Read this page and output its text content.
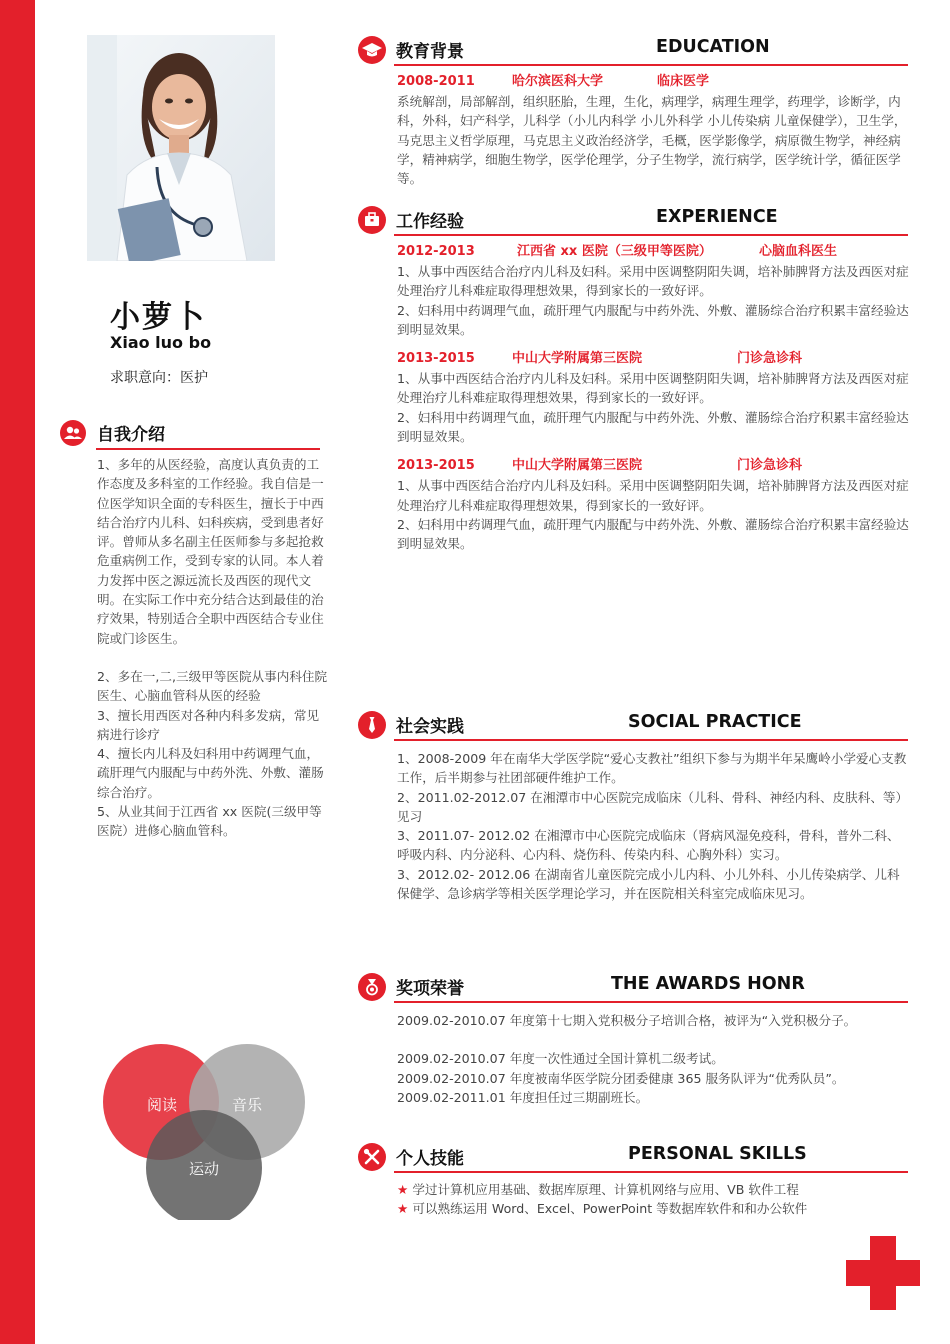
小萝卜
Xiao luo bo
求职意向：医护
自我介绍

1、多年的从医经验，高度认真负责的工作态度及多科室的工作经验。我自信是一位医学知识全面的专科医生，擅长于中西结合治疗内儿科、妇科疾病，受到患者好评。曾师从多名副主任医师参与多起抢救危重病例工作，受到专家的认同。本人着力发挥中医之源远流长及西医的现代文明。在实际工作中充分结合达到最佳的治疗效果，特别适合全职中西医结合专业住院或门诊医生。

2、多在一,二,三级甲等医院从事内科住院医生、心脑血管科从医的经验

3、擅长用西医对各种内科多发病，常见病进行诊疗

4、擅长内儿科及妇科用中药调理气血，疏肝理气内服配与中药外洗、外敷、灌肠综合治疗。

5、从业其间于江西省 xx 医院(三级甲等医院）进修心脑血管科。

阅读	音乐
运动
教育背景	EDUCATION
2008-2011	哈尔滨医科大学	临床医学

系统解剖，局部解剖，组织胚胎，生理，生化，病理学，病理生理学，药理学，诊断学，内科，外科，妇产科学，儿科学（小儿内科学 小儿外科学 小儿传染病 儿童保健学），卫生学，马克思主义哲学原理，马克思主义政治经济学，毛概，医学影像学，病原微生物学，神经病学，精神病学，细胞生物学，医学伦理学，分子生物学，流行病学，医学统计学，循征医学等。

工作经验	EXPERIENCE
2012-2013	江西省 xx 医院（三级甲等医院）	心脑血科医生

1、从事中西医结合治疗内儿科及妇科。采用中医调整阴阳失调，培补肺脾肾方法及西医对症处理治疗儿科难症取得理想效果，得到家长的一致好评。

2、妇科用中药调理气血，疏肝理气内服配与中药外洗、外敷、灌肠综合治疗积累丰富经验达到明显效果。

2013-2015	中山大学附属第三医院	门诊急诊科

1、从事中西医结合治疗内儿科及妇科。采用中医调整阴阳失调，培补肺脾肾方法及西医对症处理治疗儿科难症取得理想效果，得到家长的一致好评。

2、妇科用中药调理气血，疏肝理气内服配与中药外洗、外敷、灌肠综合治疗积累丰富经验达到明显效果。

2013-2015	中山大学附属第三医院	门诊急诊科

1、从事中西医结合治疗内儿科及妇科。采用中医调整阴阳失调，培补肺脾肾方法及西医对症处理治疗儿科难症取得理想效果，得到家长的一致好评。

2、妇科用中药调理气血，疏肝理气内服配与中药外洗、外敷、灌肠综合治疗积累丰富经验达到明显效果。

社会实践	SOCIAL PRACTICE

1、2008-2009 年在南华大学医学院“爱心支教社”组织下参与为期半年呆鹰岭小学爱心支教工作，后半期参与社团部硬件维护工作。

2、2011.02-2012.07 在湘潭市中心医院完成临床（儿科、骨科、神经内科、皮肤科、等）见习

3、2011.07- 2012.02 在湘潭市中心医院完成临床（肾病风湿免疫科，骨科，普外二科、呼吸内科、内分泌科、心内科、烧伤科、传染内科、心胸外科）实习。

3、2012.02- 2012.06 在湖南省儿童医院完成小儿内科、小儿外科、小儿传染病学、儿科保健学、急诊病学等相关医学理论学习，并在医院相关科室完成临床见习。

奖项荣誉	THE AWARDS HONR

2009.02-2010.07 年度第十七期入党积极分子培训合格，被评为“入党积极分子。

2009.02-2010.07 年度一次性通过全国计算机二级考试。

2009.02-2010.07 年度被南华医学院分团委健康 365 服务队评为“优秀队员”。

2009.02-2011.01 年度担任过三期副班长。

个人技能	PERSONAL SKILLS

★ 学过计算机应用基础、数据库原理、计算机网络与应用、VB 软件工程

★ 可以熟练运用 Word、Excel、PowerPoint 等数据库软件和和办公软件
